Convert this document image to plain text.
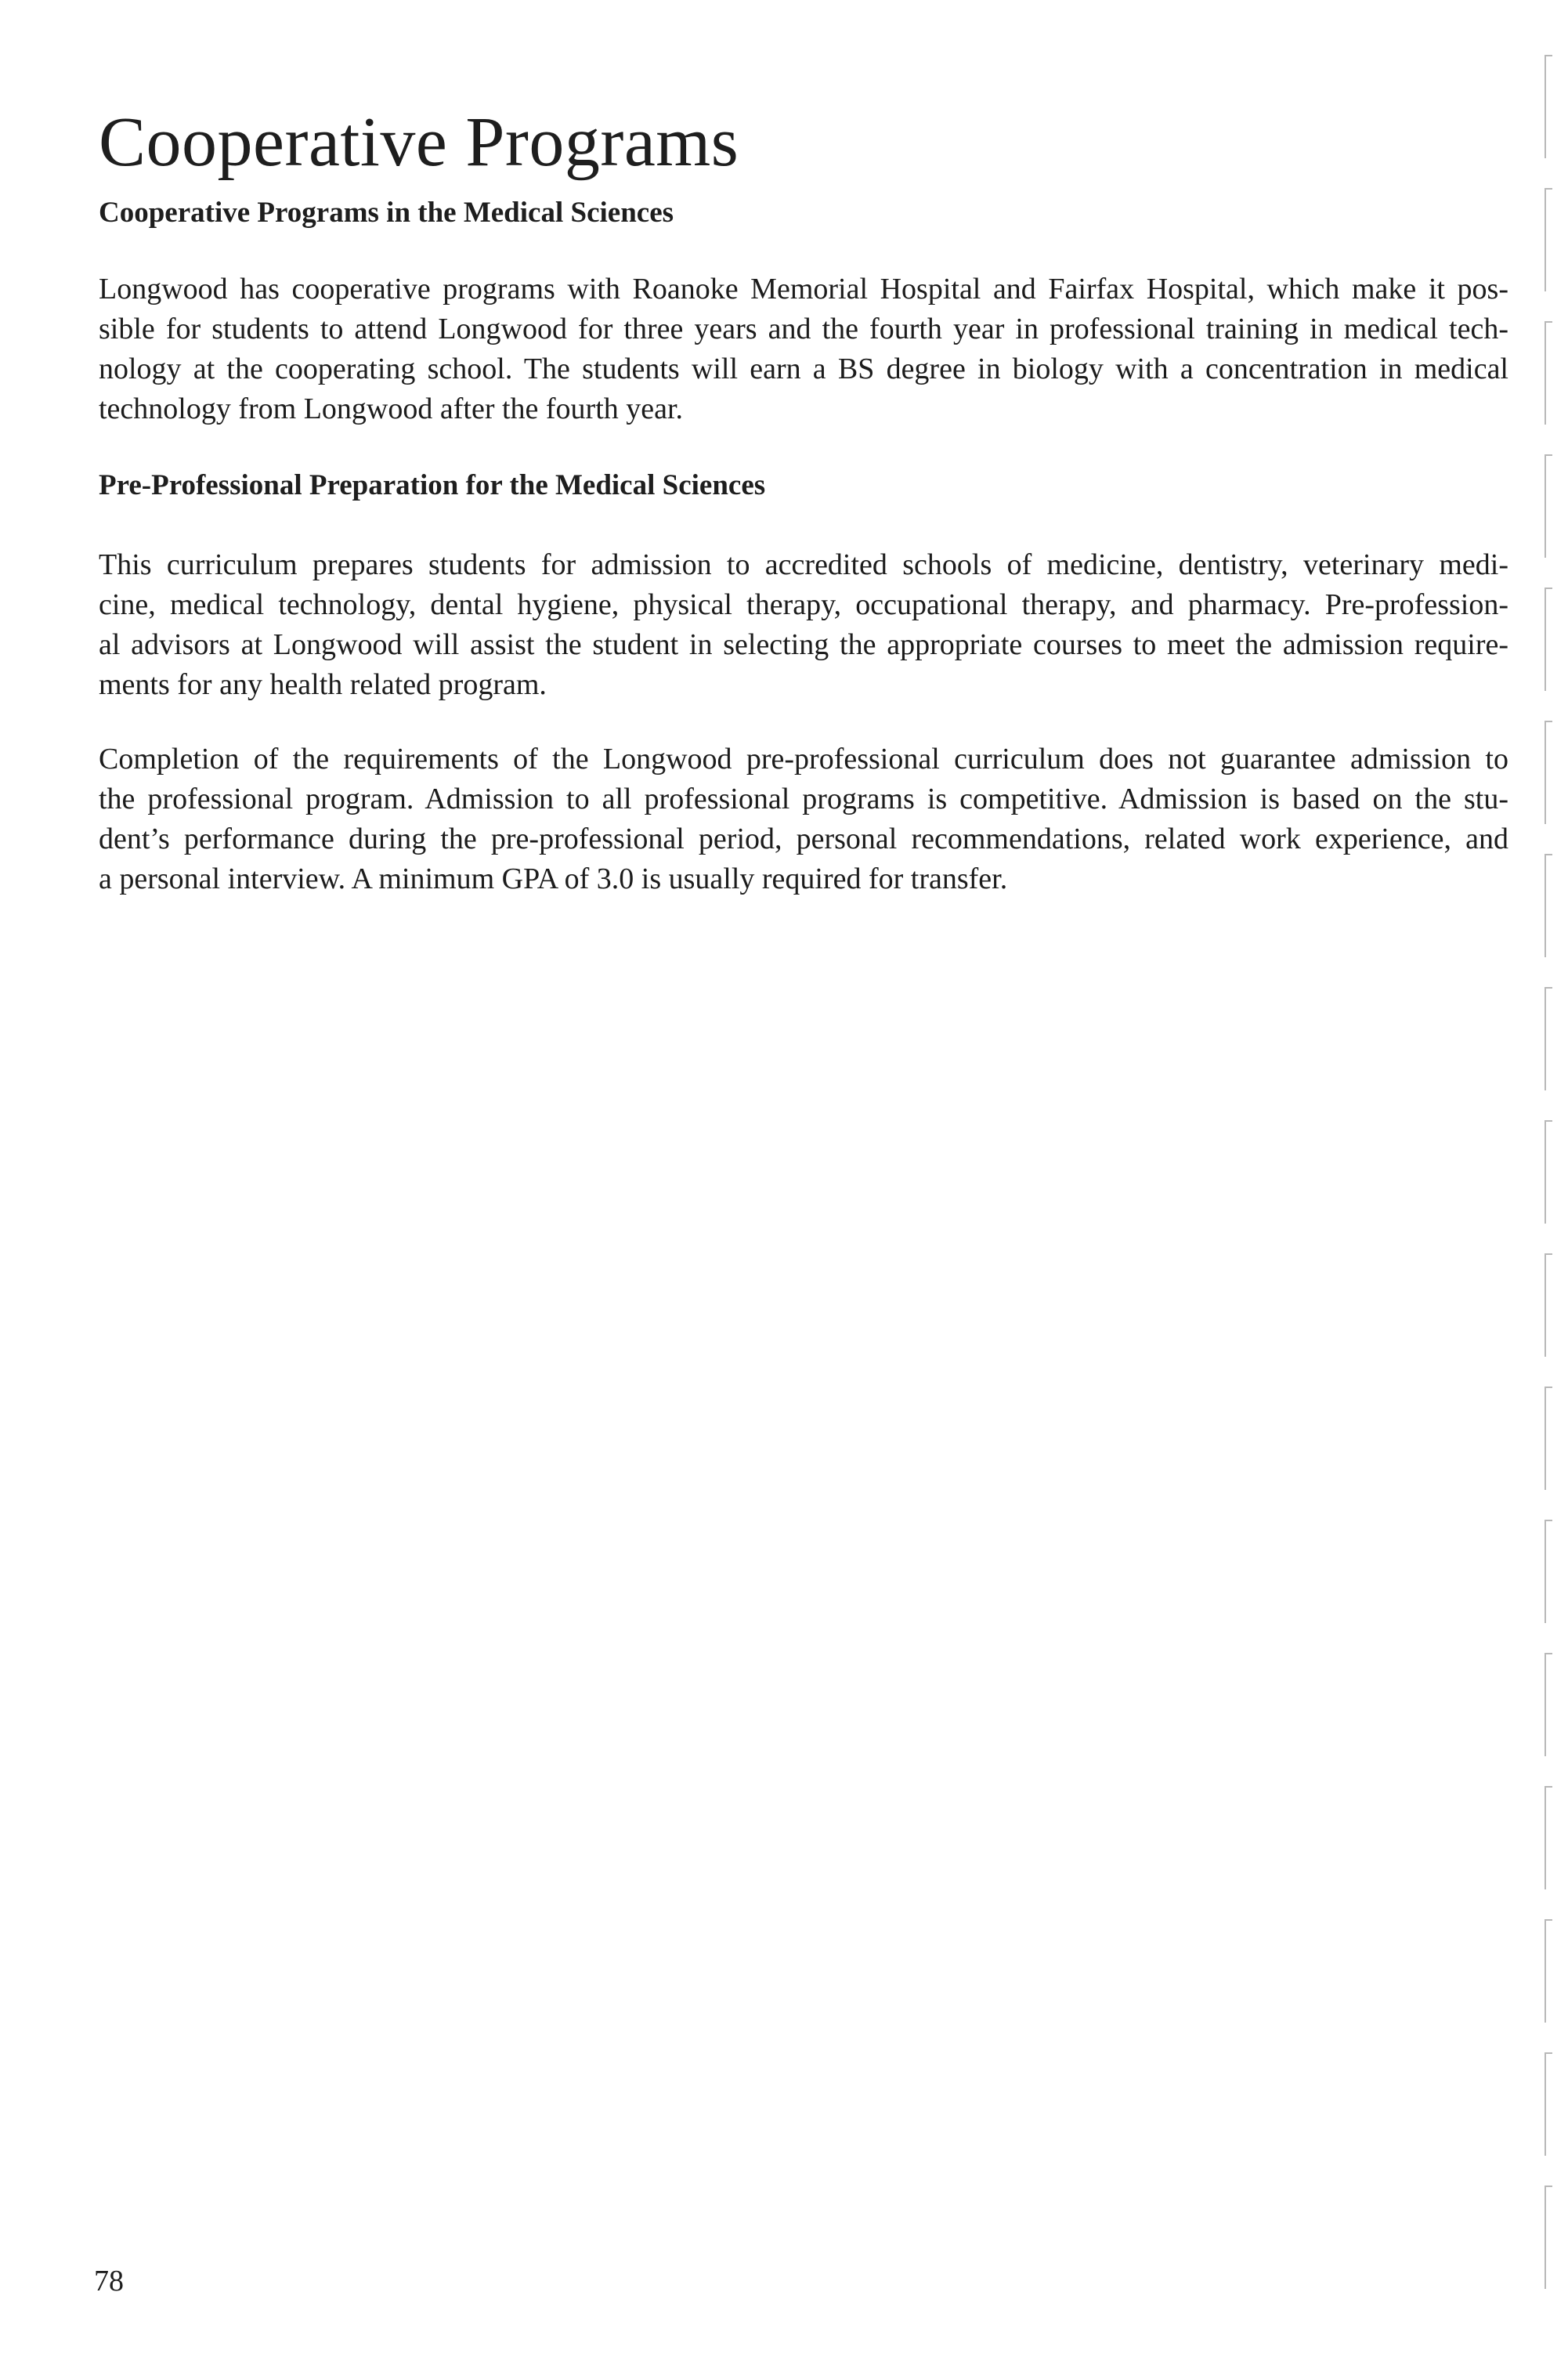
Cooperative Programs
Cooperative Programs in the Medical Sciences
Longwood has cooperative programs with Roanoke Memorial Hospital and Fairfax Hospital, which make it pos-
sible for students to attend Longwood for three years and the fourth year in professional training in medical tech-
nology at the cooperating school. The students will earn a BS degree in biology with a concentration in medical
technology from Longwood after the fourth year.
Pre-Professional Preparation for the Medical Sciences
This curriculum prepares students for admission to accredited schools of medicine, dentistry, veterinary medi-
cine, medical technology, dental hygiene, physical therapy, occupational therapy, and pharmacy. Pre-profession-
al advisors at Longwood will assist the student in selecting the appropriate courses to meet the admission require-
ments for any health related program.
Completion of the requirements of the Longwood pre-professional curriculum does not guarantee admission to
the professional program. Admission to all professional programs is competitive. Admission is based on the stu-
dent’s performance during the pre-professional period, personal recommendations, related work experience, and
a personal interview. A minimum GPA of 3.0 is usually required for transfer.
78
